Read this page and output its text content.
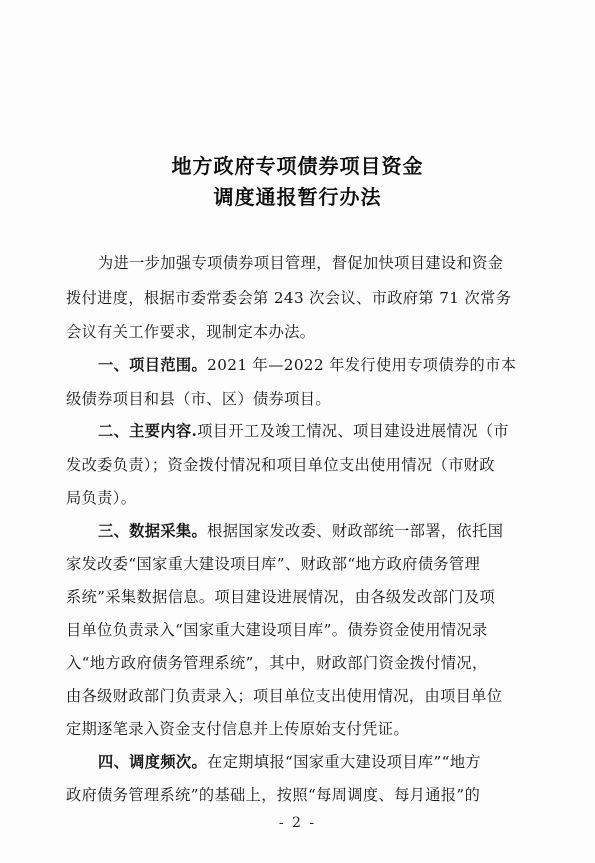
地方政府专项债券项目资金
调度通报暂行办法
为进一步加强专项债券项目管理，督促加快项目建设和资金
拨付进度，根据市委常委会第 243 次会议、市政府第 71 次常务
会议有关工作要求，现制定本办法。
一、项目范围。2021 年—2022 年发行使用专项债券的市本
级债券项目和县（市、区）债券项目。
二、主要内容.项目开工及竣工情况、项目建设进展情况（市
发改委负责）；资金拨付情况和项目单位支出使用情况（市财政
局负责）。
三、数据采集。根据国家发改委、财政部统一部署，依托国
家发改委“国家重大建设项目库”、财政部“地方政府债务管理
系统”采集数据信息。项目建设进展情况，由各级发改部门及项
目单位负责录入“国家重大建设项目库”。债券资金使用情况录
入“地方政府债务管理系统”，其中，财政部门资金拨付情况，
由各级财政部门负责录入；项目单位支出使用情况，由项目单位
定期逐笔录入资金支付信息并上传原始支付凭证。
四、调度频次。在定期填报“国家重大建设项目库”“地方
政府债务管理系统”的基础上，按照“每周调度、每月通报”的
- 2 -
